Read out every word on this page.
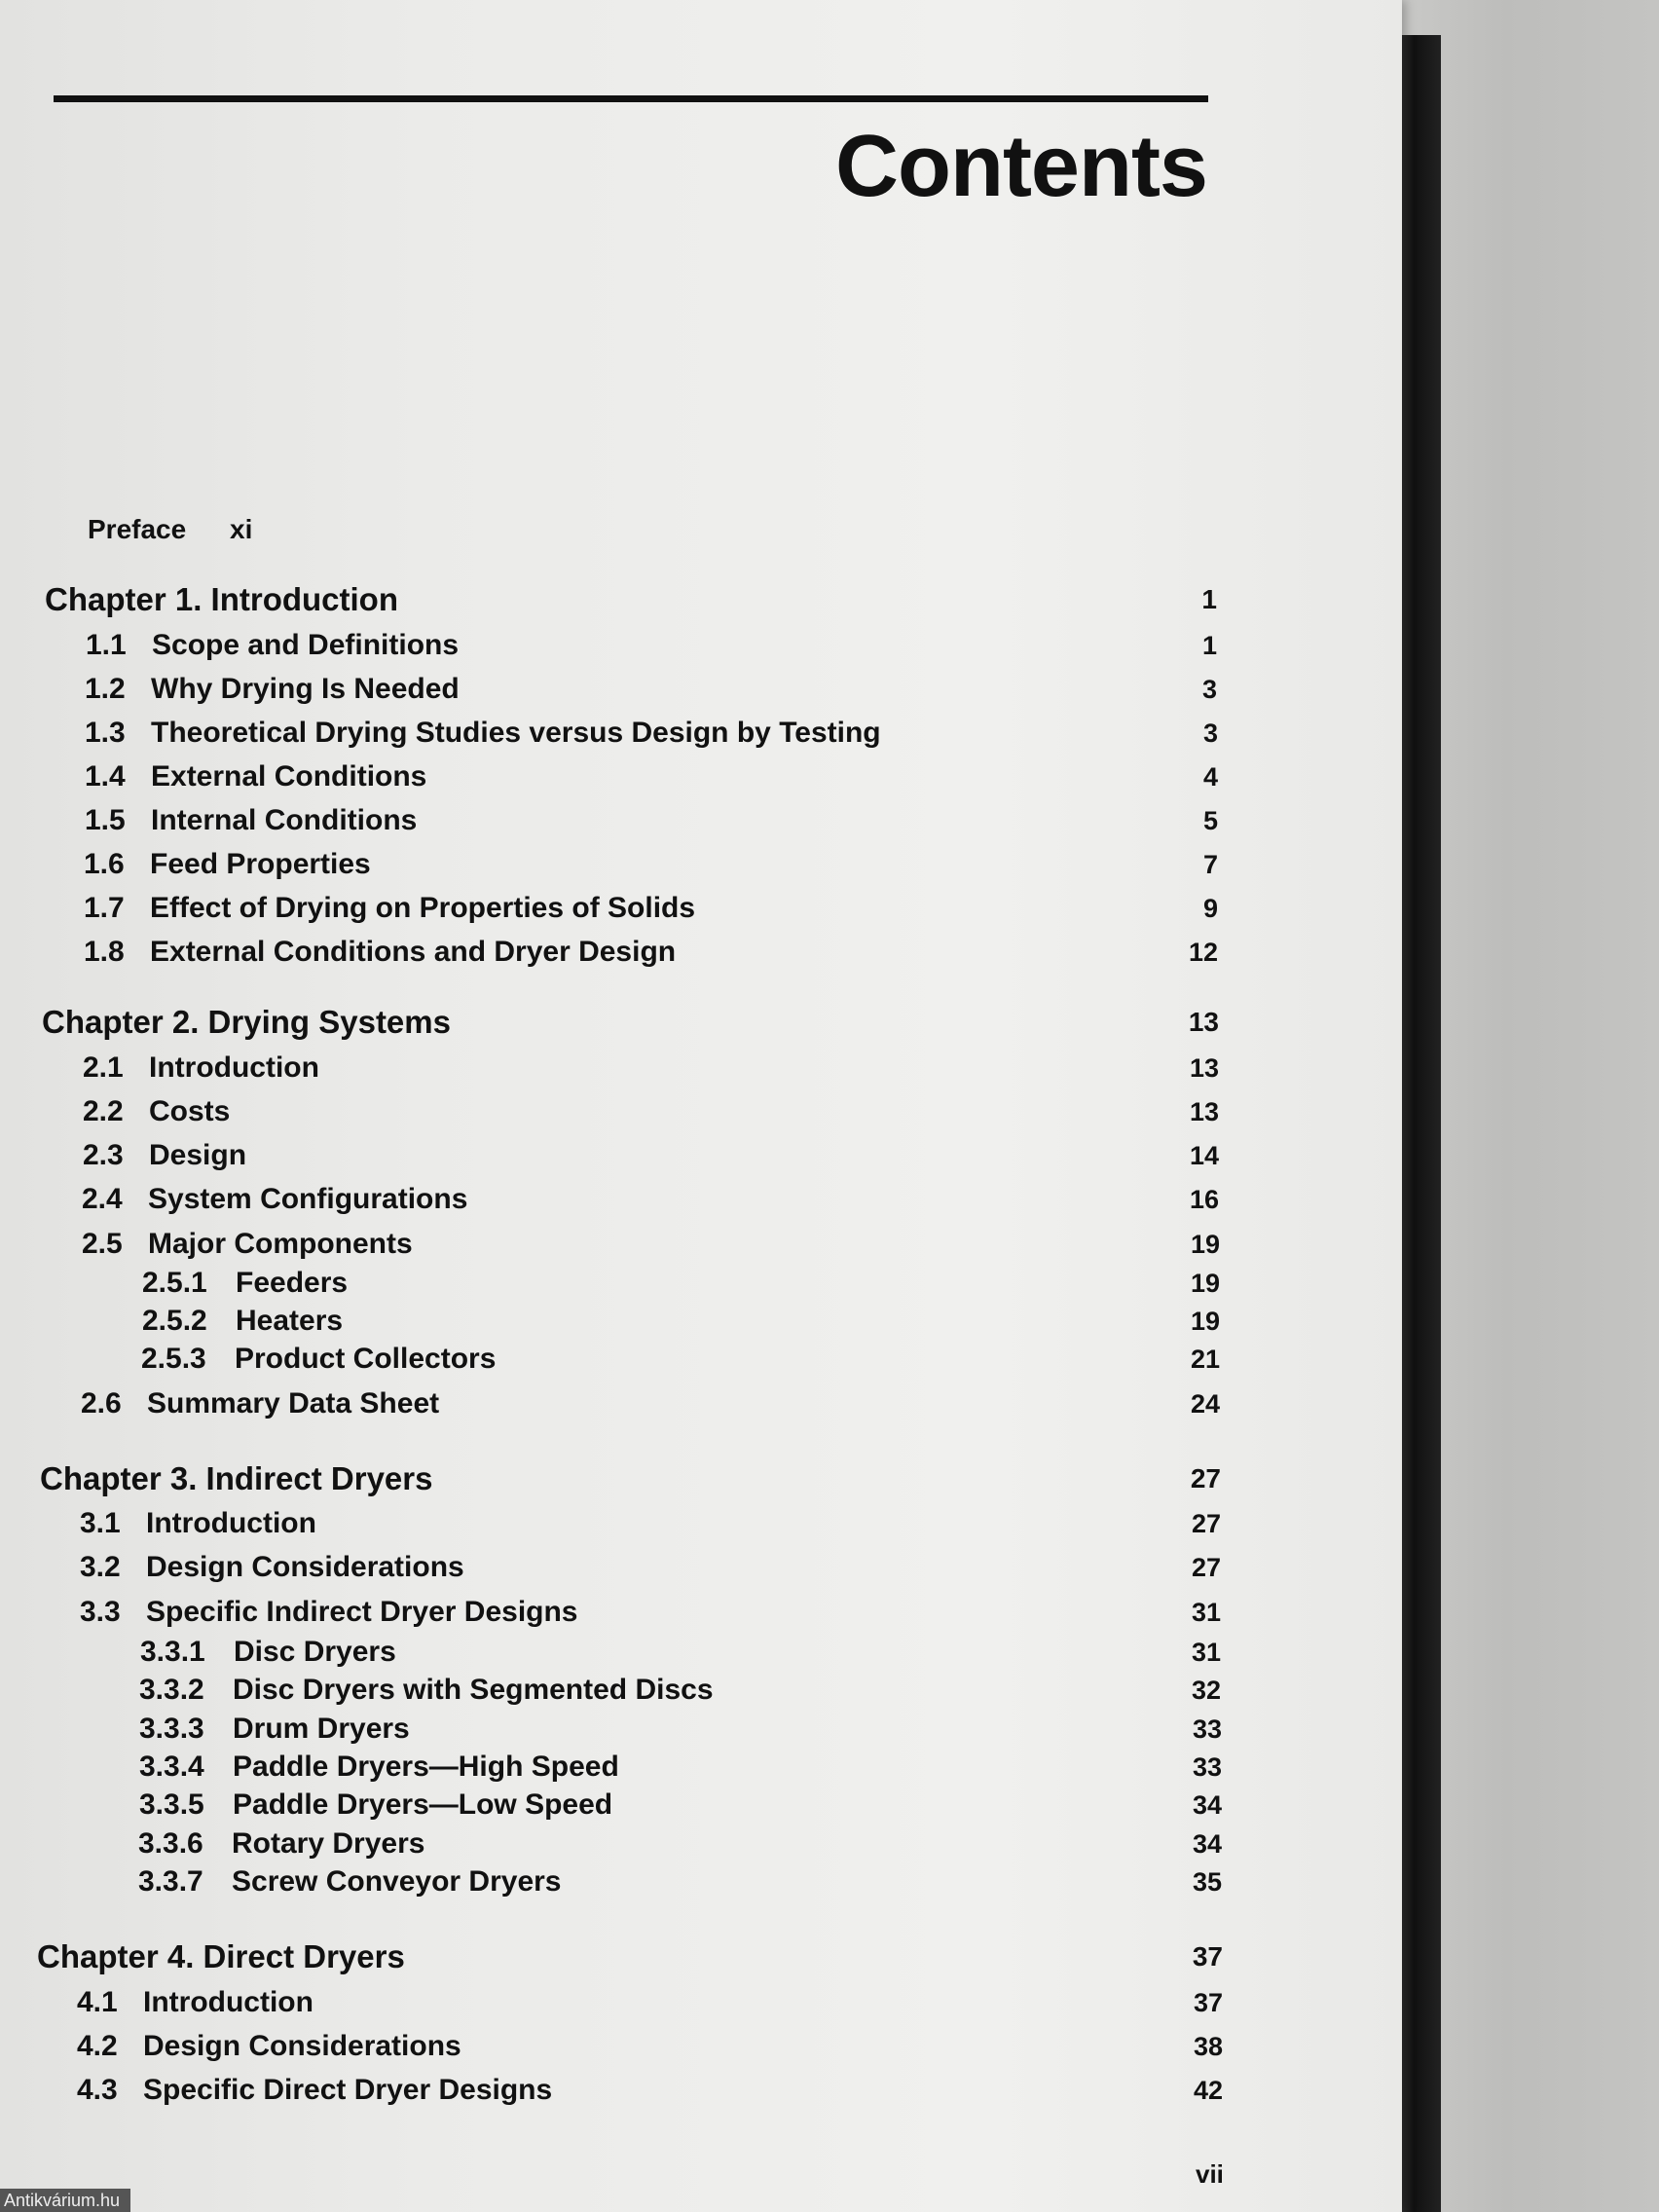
Contents
Preface xi
Chapter 1. Introduction	1
1.1 Scope and Definitions	1
1.2 Why Drying Is Needed	3
1.3 Theoretical Drying Studies versus Design by Testing	3
1.4 External Conditions	4
1.5 Internal Conditions	5
1.6 Feed Properties	7
1.7 Effect of Drying on Properties of Solids	9
1.8 External Conditions and Dryer Design	12
Chapter 2. Drying Systems	13
2.1 Introduction	13
2.2 Costs	13
2.3 Design	14
2.4 System Configurations	16
2.5 Major Components	19
2.5.1 Feeders	19
2.5.2 Heaters	19
2.5.3 Product Collectors	21
2.6 Summary Data Sheet	24
Chapter 3. Indirect Dryers	27
3.1 Introduction	27
3.2 Design Considerations	27
3.3 Specific Indirect Dryer Designs	31
3.3.1 Disc Dryers	31
3.3.2 Disc Dryers with Segmented Discs	32
3.3.3 Drum Dryers	33
3.3.4 Paddle Dryers—High Speed	33
3.3.5 Paddle Dryers—Low Speed	34
3.3.6 Rotary Dryers	34
3.3.7 Screw Conveyor Dryers	35
Chapter 4. Direct Dryers	37
4.1 Introduction	37
4.2 Design Considerations	38
4.3 Specific Direct Dryer Designs	42
vii
Antikvárium.hu
